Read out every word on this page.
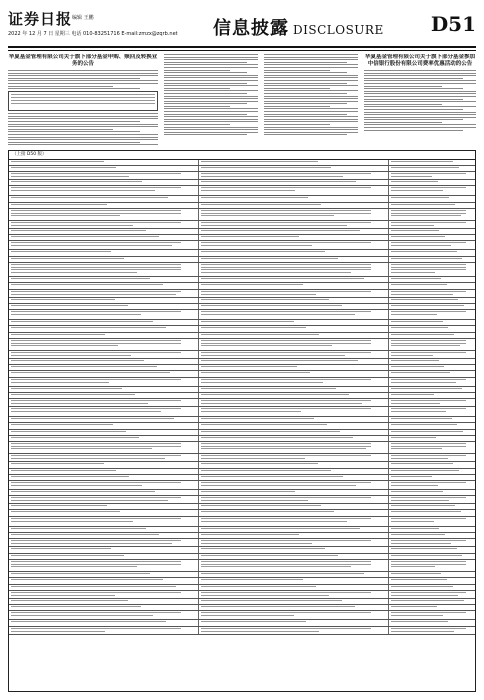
证券日报 编辑 王鹏
2022 年 12 月 7 日 星期三 电话 010-83251716 E-mail:zmzx@zqrb.net 信息披露 DISCLOSURE D51
华夏基金管理有限公司关于旗下部分基金申购、赎回及转换业务的公告
华夏基金管理有限公司关于旗下部分基金参加中信银行股份有限公司费率优惠活动的公告
（上接 D50 版）
